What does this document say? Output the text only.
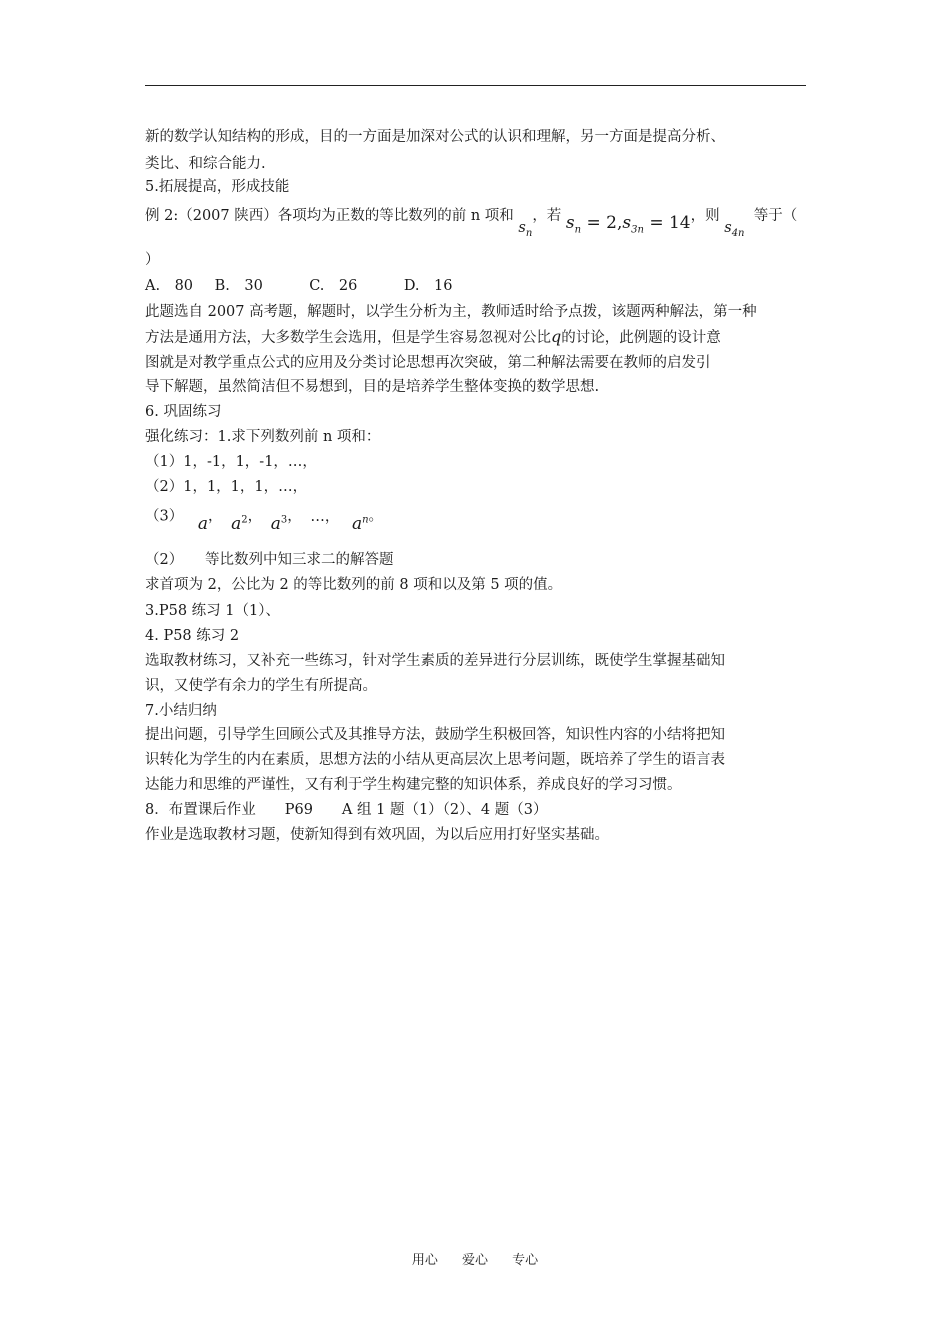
新的数学认知结构的形成，目的一方面是加深对公式的认识和理解，另一方面是提高分析、
类比、和综合能力.
5.拓展提高，形成技能
例 2:（2007 陕西）各项均为正数的等比数列的前 n 项和 $s_n$，若 $s_n = 2,s_{3n} = 14$，则 $s_{4n}$  等于（
）
A.　80 B.　30	C.　26	D.　16
此题选自 2007 高考题，解题时，以学生分析为主，教师适时给予点拨，该题两种解法，第一种
方法是通用方法，大多数学生会选用，但是学生容易忽视对公比q的讨论，此例题的设计意
图就是对教学重点公式的应用及分类讨论思想再次突破，第二种解法需要在教师的启发引
导下解题，虽然简洁但不易想到，目的是培养学生整体变换的数学思想.
6. 巩固练习
强化练习：1.求下列数列前 n 项和：
（1）1，-1，1，-1，…，
（2）1，1，1，1，…，
（3） a， $a^2$， $a^3$， …， $a^n$。
（2）　　等比数列中知三求二的解答题
求首项为 2，公比为 2 的等比数列的前 8 项和以及第 5 项的值。
3.P58 练习 1（1）、
4. P58 练习 2
选取教材练习，又补充一些练习，针对学生素质的差异进行分层训练，既使学生掌握基础知
识，又使学有余力的学生有所提高。
7.小结归纳
提出问题，引导学生回顾公式及其推导方法，鼓励学生积极回答，知识性内容的小结将把知
识转化为学生的内在素质，思想方法的小结从更高层次上思考问题，既培养了学生的语言表
达能力和思维的严谨性，又有利于学生构建完整的知识体系，养成良好的学习习惯。
8．布置课后作业　　P69　　A 组 1 题（1）（2）、4 题（3）
作业是选取教材习题，使新知得到有效巩固，为以后应用打好坚实基础。
用心 爱心 专心
